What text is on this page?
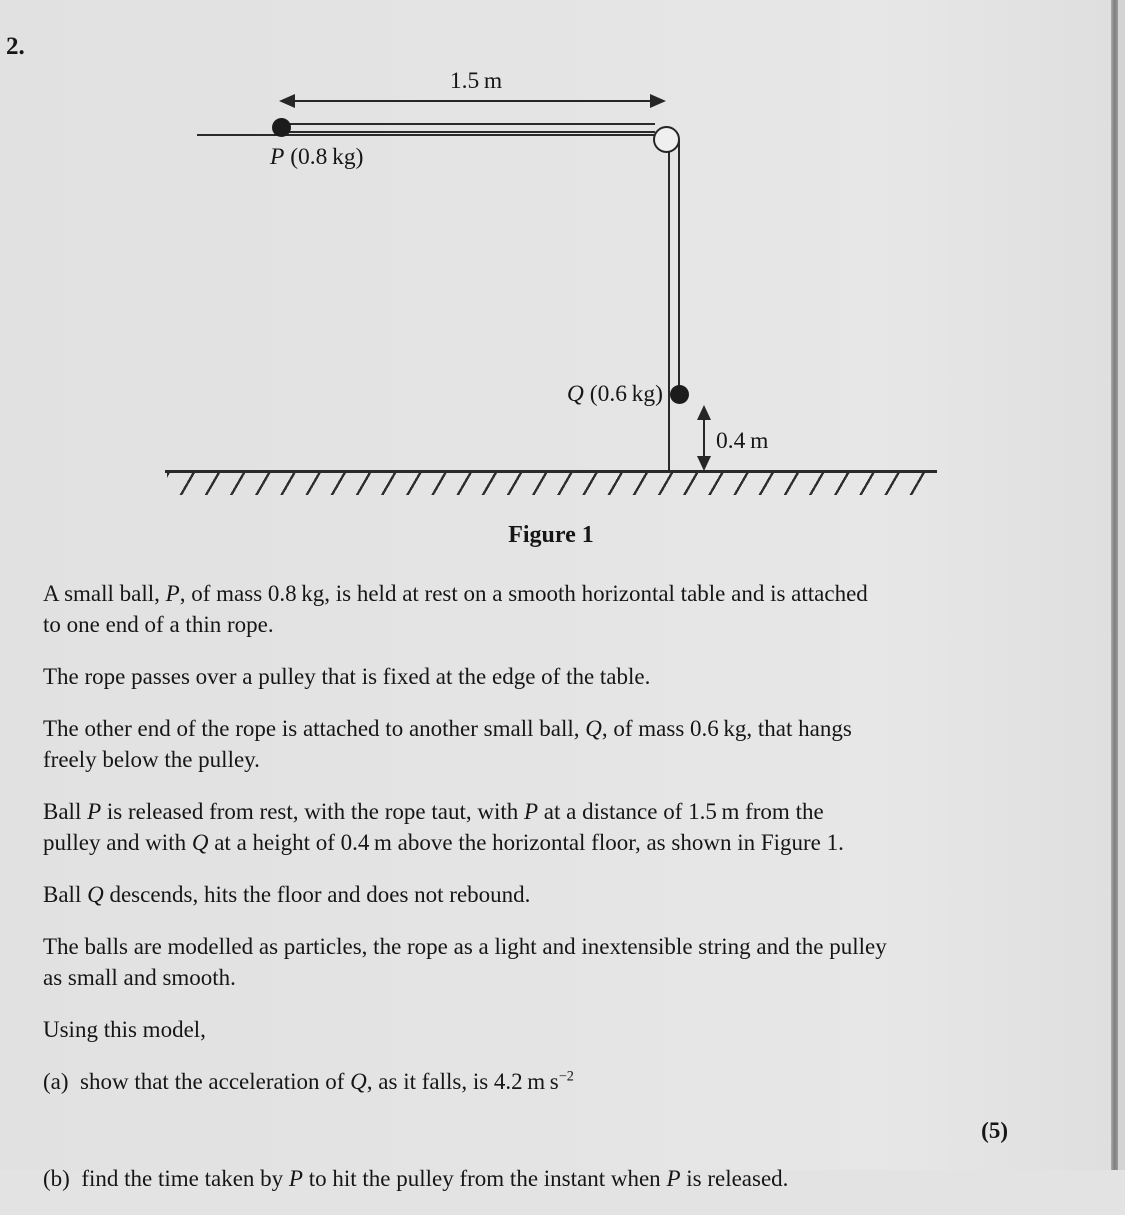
2.
1.5 m
P (0.8 kg)
Q (0.6 kg)
0.4 m
Figure 1

A small ball, P, of mass 0.8 kg, is held at rest on a smooth horizontal table and is attached
to one end of a thin rope.

The rope passes over a pulley that is fixed at the edge of the table.

The other end of the rope is attached to another small ball, Q, of mass 0.6 kg, that hangs
freely below the pulley.

Ball P is released from rest, with the rope taut, with P at a distance of 1.5 m from the
pulley and with Q at a height of 0.4 m above the horizontal floor, as shown in Figure 1.

Ball Q descends, hits the floor and does not rebound.

The balls are modelled as particles, the rope as a light and inextensible string and the pulley
as small and smooth.

Using this model,

(a) show that the acceleration of Q, as it falls, is 4.2 m $s^{-2}$

(5)

(b) find the time taken by P to hit the pulley from the instant when P is released.
